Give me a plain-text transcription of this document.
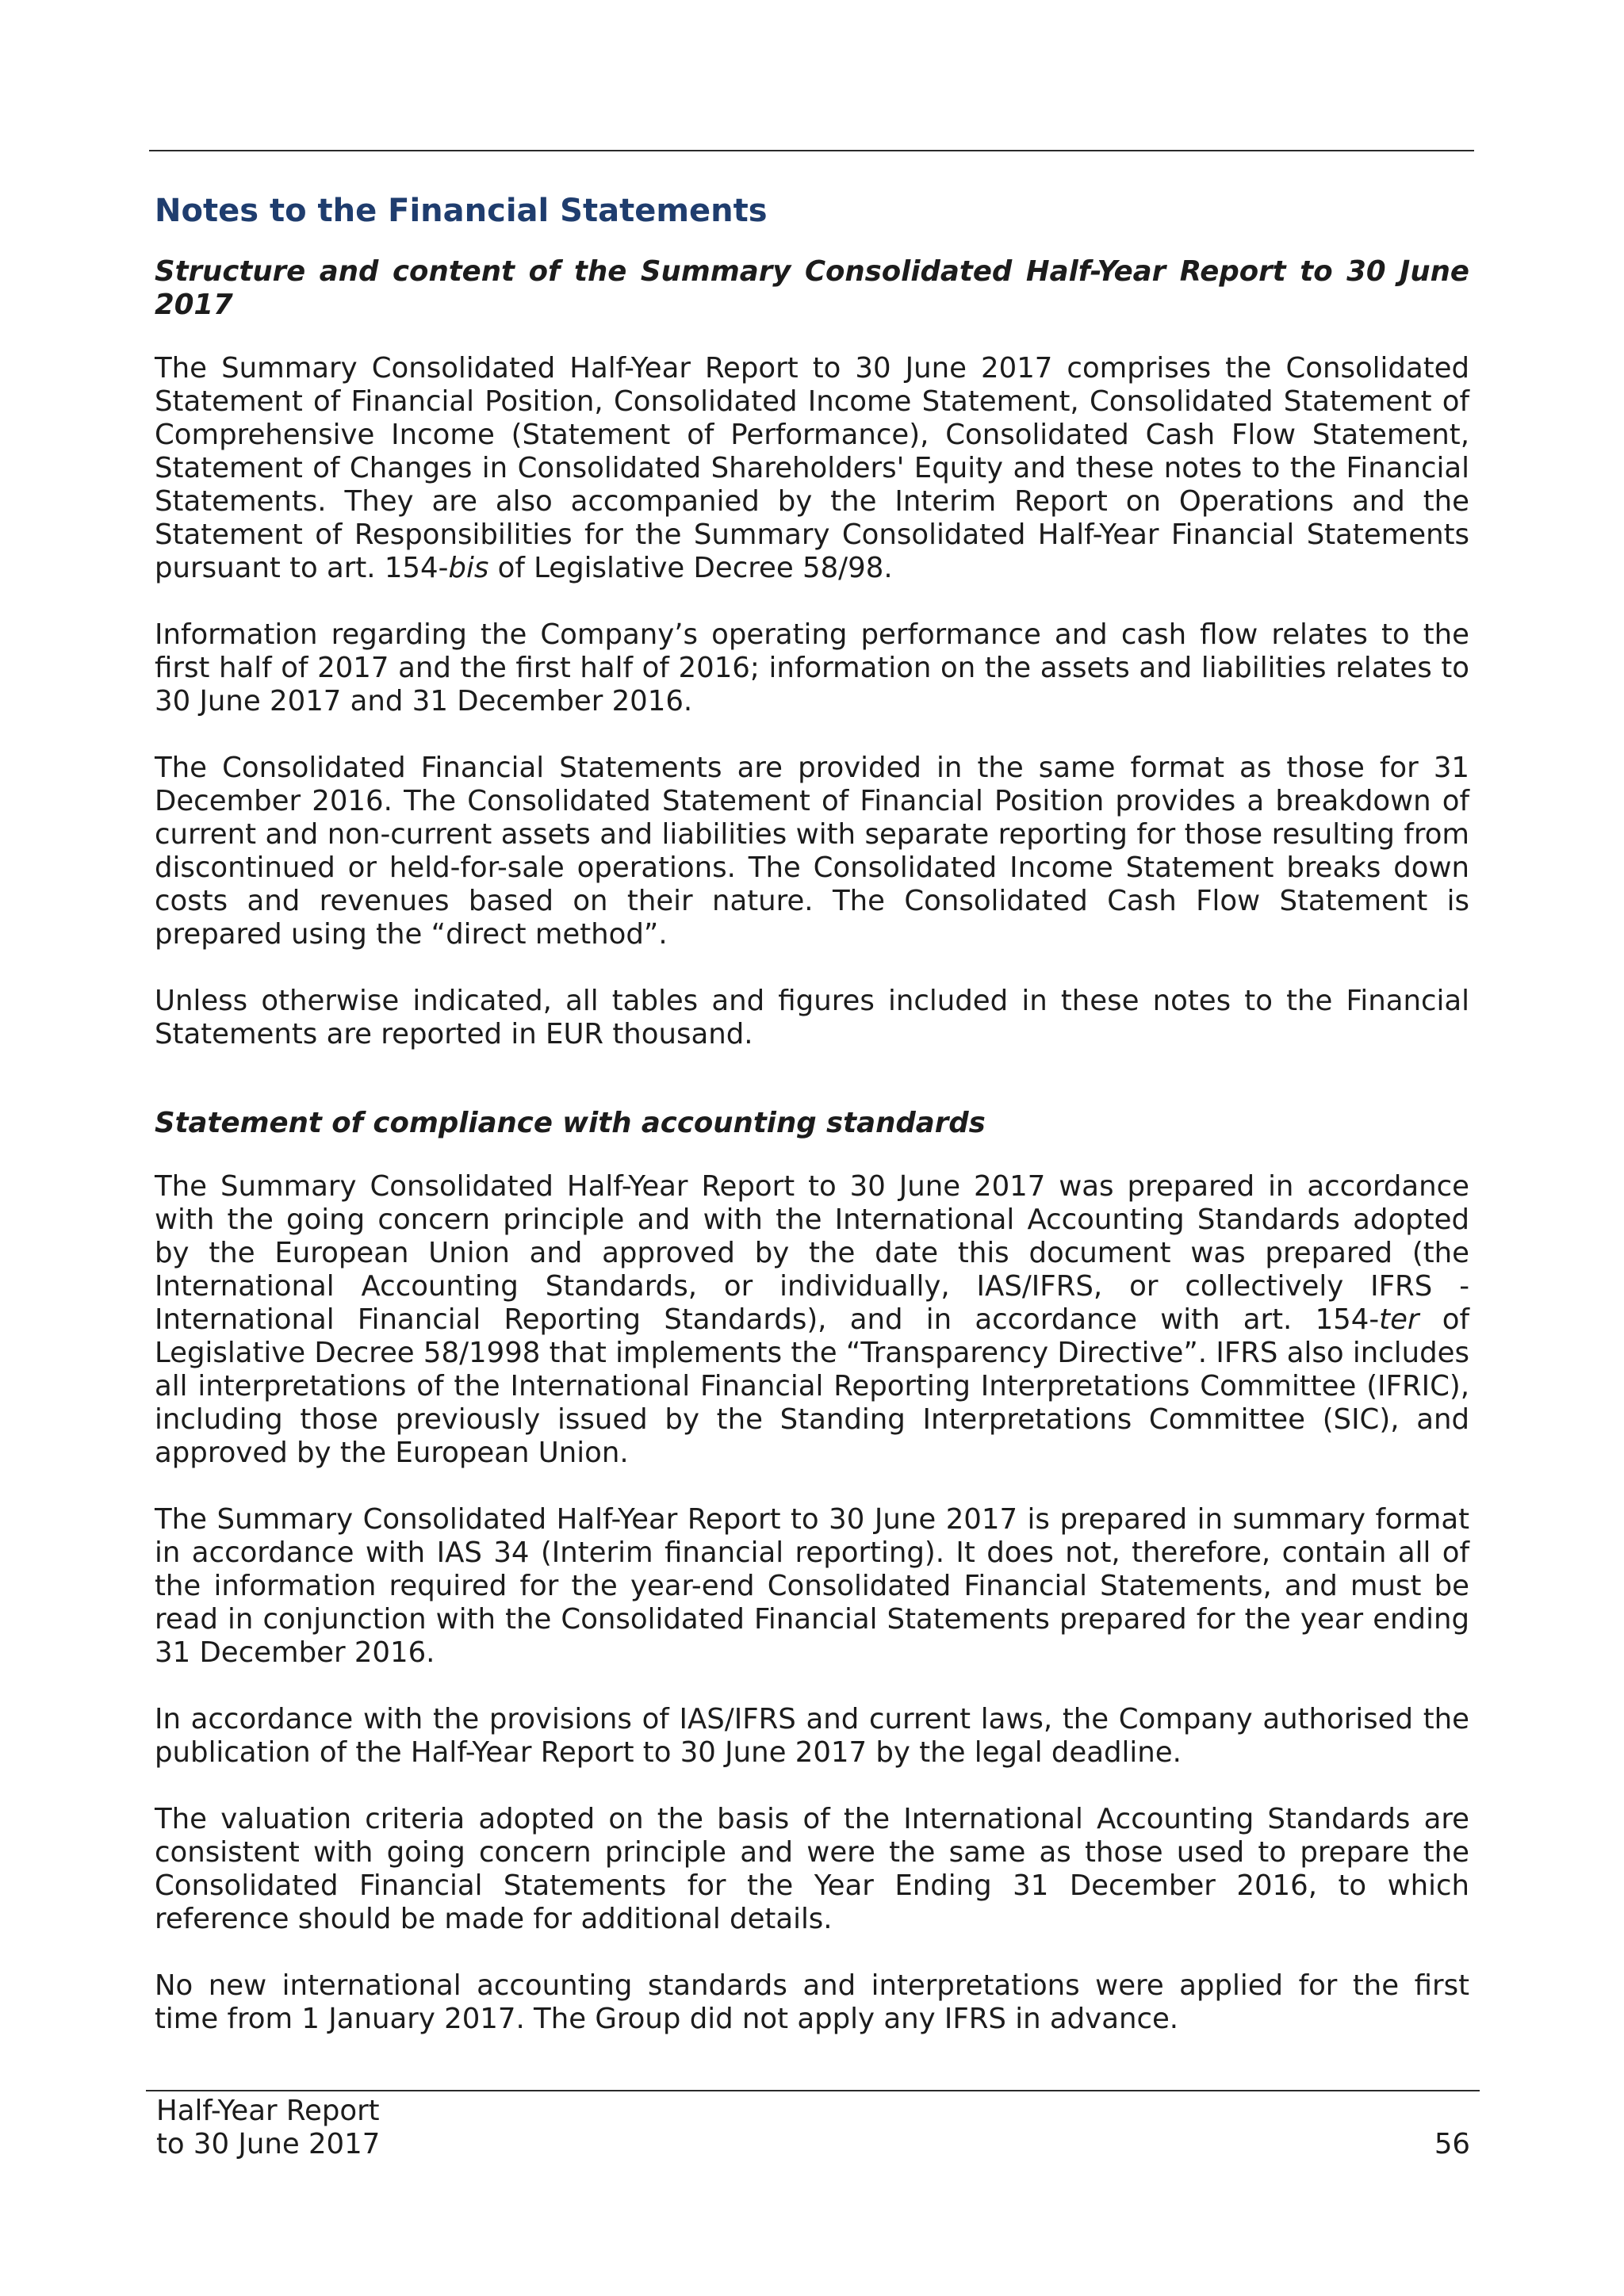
Notes to the Financial Statements
Structure and content of the Summary Consolidated Half-Year Report to 30 June 2017

The Summary Consolidated Half-Year Report to 30 June 2017 comprises the Consolidated Statement of Financial Position, Consolidated Income Statement, Consolidated Statement of Comprehensive Income (Statement of Performance), Consolidated Cash Flow Statement, Statement of Changes in Consolidated Shareholders' Equity and these notes to the Financial Statements. They are also accompanied by the Interim Report on Operations and the Statement of Responsibilities for the Summary Consolidated Half-Year Financial Statements pursuant to art. 154-bis of Legislative Decree 58/98.

Information regarding the Company’s operating performance and cash flow relates to the first half of 2017 and the first half of 2016; information on the assets and liabilities relates to 30 June 2017 and 31 December 2016.

The Consolidated Financial Statements are provided in the same format as those for 31 December 2016. The Consolidated Statement of Financial Position provides a breakdown of current and non-current assets and liabilities with separate reporting for those resulting from discontinued or held-for-sale operations. The Consolidated Income Statement breaks down costs and revenues based on their nature. The Consolidated Cash Flow Statement is prepared using the “direct method”.

Unless otherwise indicated, all tables and figures included in these notes to the Financial Statements are reported in EUR thousand.

Statement of compliance with accounting standards

The Summary Consolidated Half-Year Report to 30 June 2017 was prepared in accordance with the going concern principle and with the International Accounting Standards adopted by the European Union and approved by the date this document was prepared (the International Accounting Standards, or individually, IAS/IFRS, or collectively IFRS - International Financial Reporting Standards), and in accordance with art. 154-ter of Legislative Decree 58/1998 that implements the “Transparency Directive”. IFRS also includes all interpretations of the International Financial Reporting Interpretations Committee (IFRIC), including those previously issued by the Standing Interpretations Committee (SIC), and approved by the European Union.

The Summary Consolidated Half-Year Report to 30 June 2017 is prepared in summary format in accordance with IAS 34 (Interim financial reporting). It does not, therefore, contain all of the information required for the year-end Consolidated Financial Statements, and must be read in conjunction with the Consolidated Financial Statements prepared for the year ending 31 December 2016.

In accordance with the provisions of IAS/IFRS and current laws, the Company authorised the publication of the Half-Year Report to 30 June 2017 by the legal deadline.

The valuation criteria adopted on the basis of the International Accounting Standards are consistent with going concern principle and were the same as those used to prepare the Consolidated Financial Statements for the Year Ending 31 December 2016, to which reference should be made for additional details.

No new international accounting standards and interpretations were applied for the first time from 1 January 2017. The Group did not apply any IFRS in advance.

Half-Year Report
to 30 June 2017	56
